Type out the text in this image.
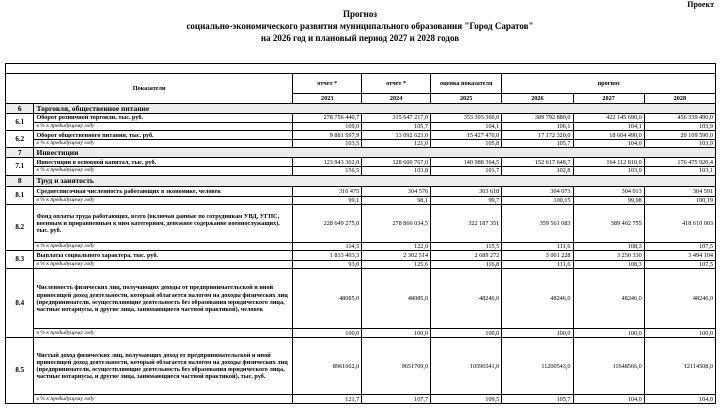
Проект
Прогноз
социально-экономического развития муниципального образования "Город Саратов"
на 2026 год и плановый период 2027 и 2028 годов

Показатели		отчет *	отчет *	оценка показателя	прогноз		
		2023	2024	2025	2026	2027	2028
6	Торговля, общественное питание						
6.1	Оборот розничной торговли, тыс. руб.	278 756 440,7	315 647 217,0	353 393 360,0	389 792 880,0	422 145 690,0	456 339 490,0
	в % к предыдущему году	109,0	105,7	104,1	106,1	104,1	103,9
6.2	Оборот общественного питания, тыс. руб.	9 881 597,9	13 092 623,0	15 427 470,0	17 172 320,0	18 604 490,0	20 109 590,0
	в % к предыдущему году	103,5	121,0	105,8	105,7	104,0	103,9
7	Инвестиции						
7.1	Инвестиции в основной капитал, тыс. руб.	123 943 362,0	128 600 767,0	140 988 364,5	152 617 648,7	164 112 810,0	176 475 920,4
	в % к предыдущему году	156,5	103,8	101,7	102,8	103,0	103,1
8	Труд и занятость						
8.1	Среднесписочная численность работающих в экономике, человек	310 475	304 576	303 618	304 073	304 013	304 591
	в % к предыдущему году	99,1	98,1	99,7	100,15	99,98	100,19
8.2	Фонд оплаты труда работающих, всего (включая данные по сотрудникам УВД, УГПС, военным и приравненным к ним категориям, денежное содержание военнослужащих), тыс. руб.	228 649 275,0	278 866 034,5	322 187 351	359 561 083	389 402 755	418 610 003
	в % к предыдущему году	114,5	122,0	115,5	111,6	108,3	107,5
8.3	Выплаты социального характера, тыс. руб.	1 833 403,3	2 302 514	2 689 272	3 001 228	3 250 330	3 494 104
	в % к предыдущему году	93,0	125,6	116,8	111,6	108,3	107,5
8.4	Численность физических лиц, получающих доходы от предпринимательской и иной приносящей доход деятельности, который облагается налогом на доходы физических лиц (предприниматели, осуществляющие деятельность без образования юридического лица, частные нотариусы, и другие лица, занимающиеся частной практикой), человек	48085,0	48085,0	48246,0	48246,0	48246,0	48246,0
	в % к предыдущему году	100,0	100,0	100,0	100,0	100,0	100,0
8.5	Чистый доход физических лиц, получающих доход от предпринимательской и иной приносящей доход деятельности, который облагается налогом на доходы физических лиц (предприниматели, осуществляющие деятельность без образования юридического лица, частные нотариусы, и другие лица, занимающиеся частной практикой), тыс. руб.	8961662,0	9651709,0	10596541,0	11200543,0	11648566,0	12114508,0
	в % к предыдущему году	121,7	107,7	109,5	105,7	104,0	104,0
